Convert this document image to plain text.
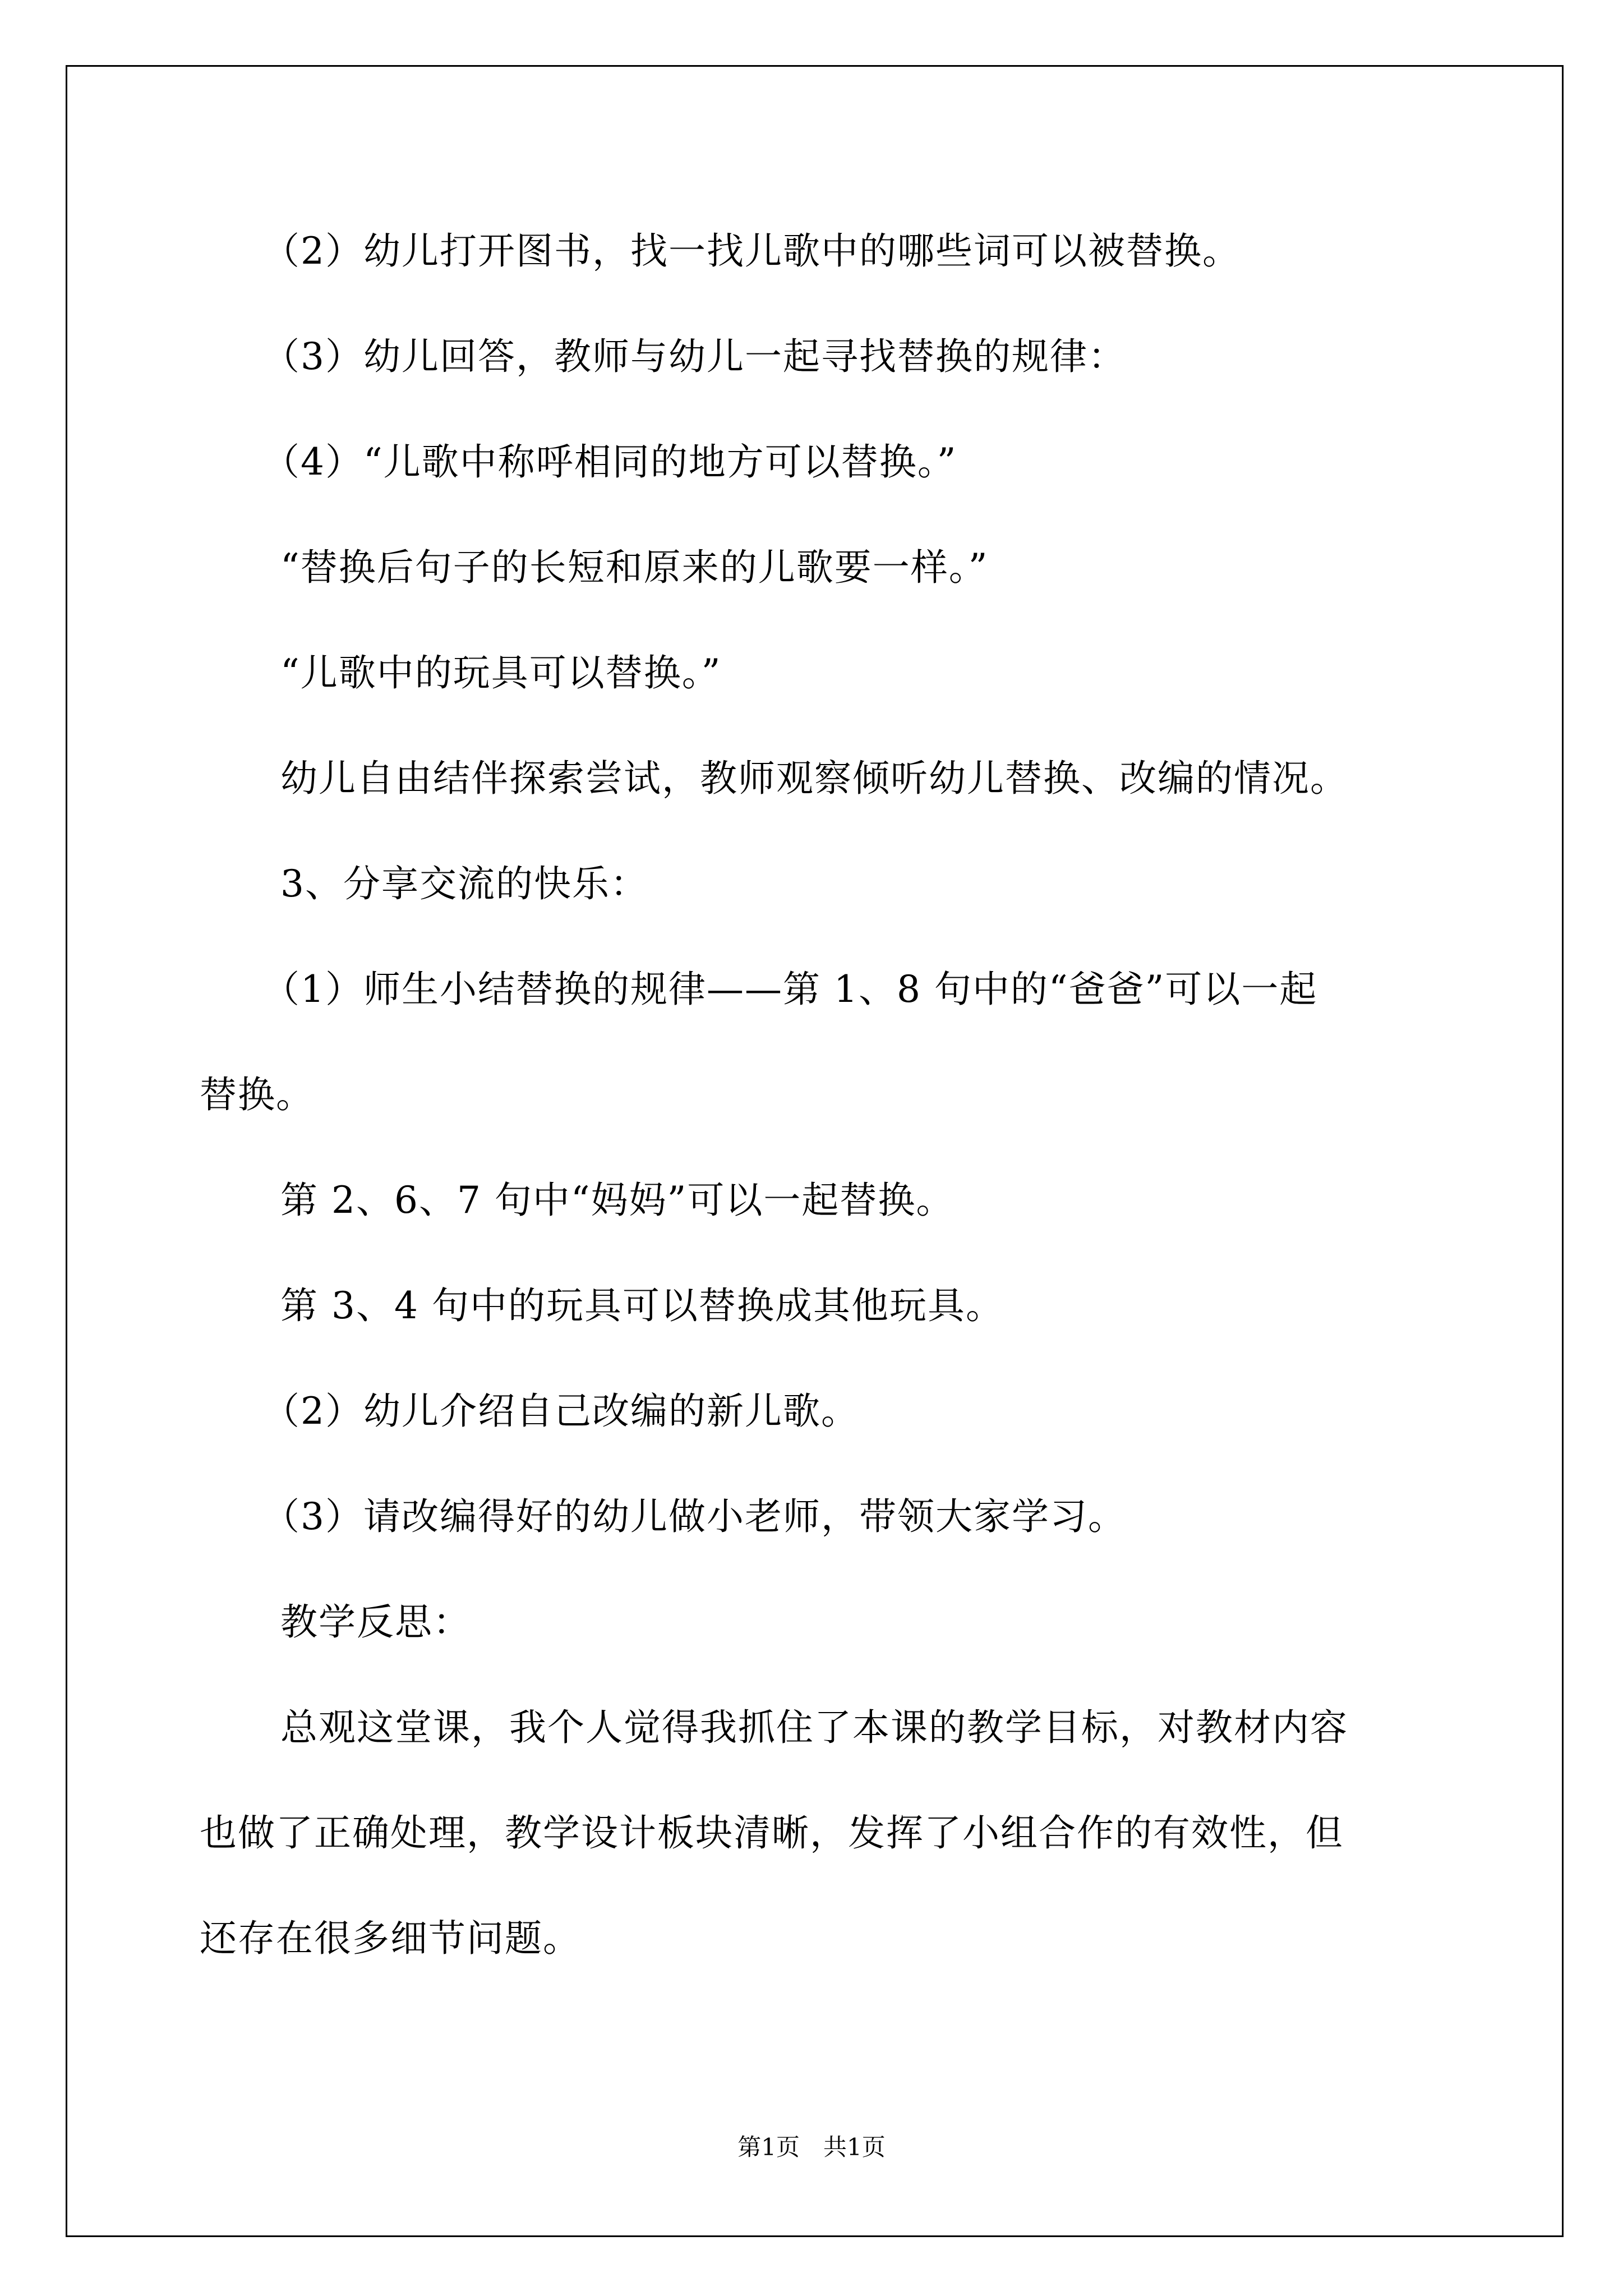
（2）幼儿打开图书，找一找儿歌中的哪些词可以被替换。
（3）幼儿回答，教师与幼儿一起寻找替换的规律：
（4）“儿歌中称呼相同的地方可以替换。”
“替换后句子的长短和原来的儿歌要一样。”
“儿歌中的玩具可以替换。”
幼儿自由结伴探索尝试，教师观察倾听幼儿替换、改编的情况。
3、分享交流的快乐：
（1）师生小结替换的规律——第 1、8 句中的“爸爸”可以一起
替换。
第 2、6、7 句中“妈妈”可以一起替换。
第 3、4 句中的玩具可以替换成其他玩具。
（2）幼儿介绍自己改编的新儿歌。
（3）请改编得好的幼儿做小老师，带领大家学习。
教学反思：
总观这堂课，我个人觉得我抓住了本课的教学目标，对教材内容
也做了正确处理，教学设计板块清晰，发挥了小组合作的有效性，但
还存在很多细节问题。
第1页　共1页
